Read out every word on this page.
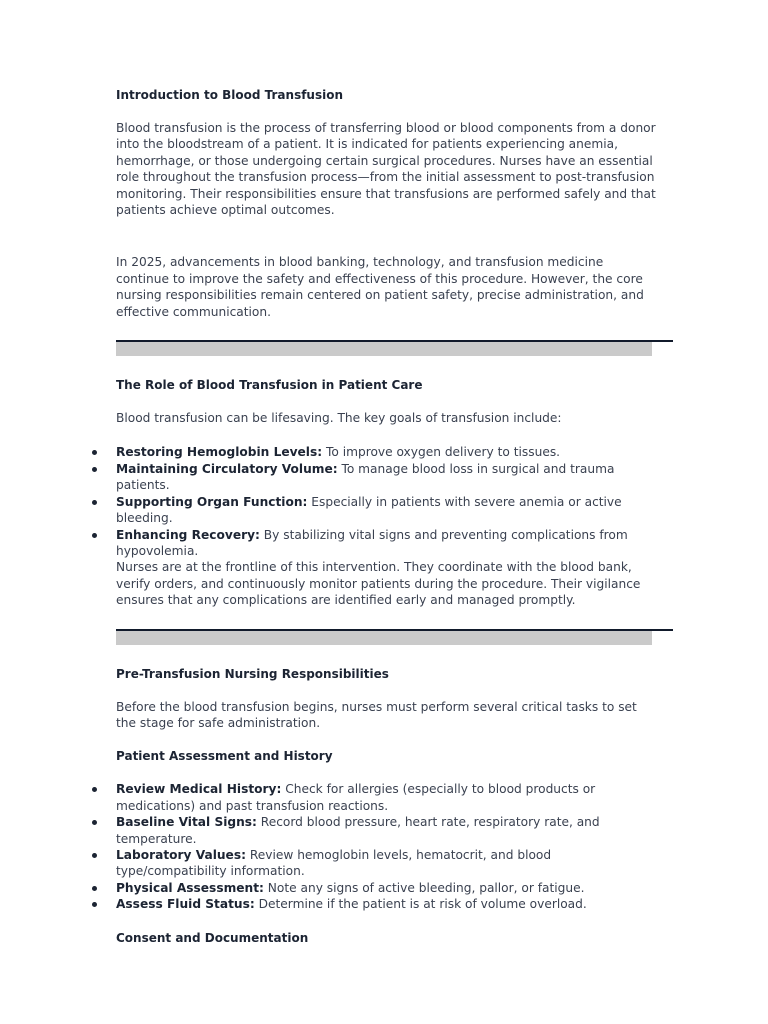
Introduction to Blood Transfusion

Blood transfusion is the process of transferring blood or blood components from a donor into the bloodstream of a patient. It is indicated for patients experiencing anemia, hemorrhage, or those undergoing certain surgical procedures. Nurses have an essential role throughout the transfusion process—from the initial assessment to post-transfusion monitoring. Their responsibilities ensure that transfusions are performed safely and that patients achieve optimal outcomes.

In 2025, advancements in blood banking, technology, and transfusion medicine continue to improve the safety and effectiveness of this procedure. However, the core nursing responsibilities remain centered on patient safety, precise administration, and effective communication.

The Role of Blood Transfusion in Patient Care

Blood transfusion can be lifesaving. The key goals of transfusion include:

Restoring Hemoglobin Levels: To improve oxygen delivery to tissues.
Maintaining Circulatory Volume: To manage blood loss in surgical and trauma patients.
Supporting Organ Function: Especially in patients with severe anemia or active bleeding.
Enhancing Recovery: By stabilizing vital signs and preventing complications from hypovolemia.

Nurses are at the frontline of this intervention. They coordinate with the blood bank, verify orders, and continuously monitor patients during the procedure. Their vigilance ensures that any complications are identified early and managed promptly.

Pre-Transfusion Nursing Responsibilities

Before the blood transfusion begins, nurses must perform several critical tasks to set the stage for safe administration.

Patient Assessment and History

Review Medical History: Check for allergies (especially to blood products or medications) and past transfusion reactions.
Baseline Vital Signs: Record blood pressure, heart rate, respiratory rate, and temperature.
Laboratory Values: Review hemoglobin levels, hematocrit, and blood type/compatibility information.
Physical Assessment: Note any signs of active bleeding, pallor, or fatigue.
Assess Fluid Status: Determine if the patient is at risk of volume overload.

Consent and Documentation
